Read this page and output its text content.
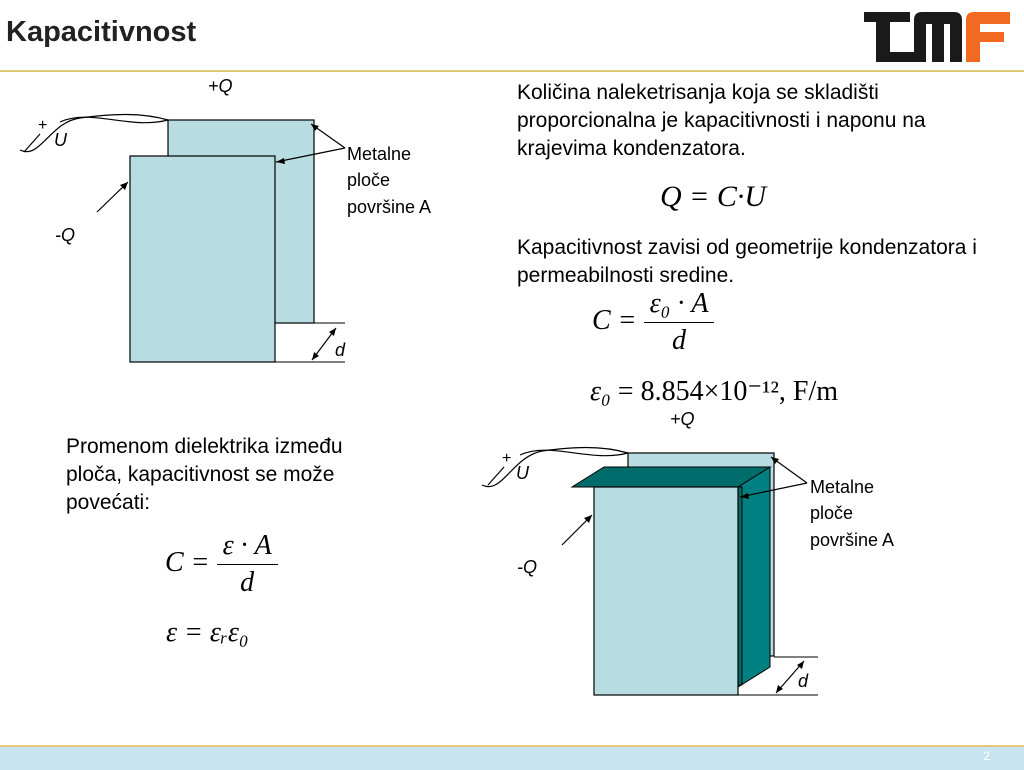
Kapacitivnost
tmf
Količina naleketrisanja koja se skladišti proporcionalna je kapacitivnosti i naponu na krajevima kondenzatora.
Q = C·U
Kapacitivnost zavisi od geometrije kondenzatora i permeabilnosti sredine.
$C = \frac{\text{ε₀ · A}}{d}$
ε₀ = 8.854×10⁻¹², F/m
Promenom dielektrika između ploča, kapacitivnost se može povećati:
$C = \frac{\varepsilon \cdot A}{d}$
ε = εᵣε₀
+Q
+
U
-Q
d
Metalne
ploče
površine A
+Q
+
U
-Q
d
Metalne
ploče
površine A
2
